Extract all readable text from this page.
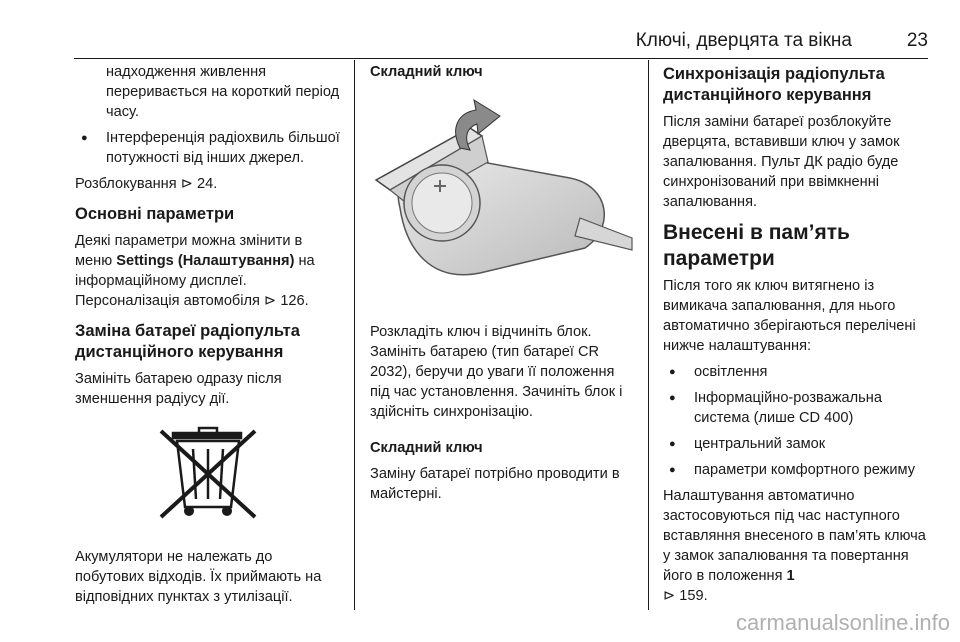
Ключі, дверцята та вікна	23

надходження живлення переривається на короткий період часу.

● Інтерференція радіохвиль більшої потужності від інших джерел.

Розблокування ⊳ 24.

Основні параметри

Деякі параметри можна змінити в меню Settings (Налаштування) на інформаційному дисплеї. Персоналізація автомобіля ⊳ 126.

Заміна батареї радіопульта дистанційного керування

Замініть батарею одразу після зменшення радіусу дії.

Акумулятори не належать до побутових відходів. Їх приймають на відповідних пунктах з утилізації.

Складний ключ

Розкладіть ключ і відчиніть блок. Замініть батарею (тип батареї CR 2032), беручи до уваги її положення під час установлення. Зачиніть блок і здійсніть синхронізацію.

Складний ключ

Заміну батареї потрібно проводити в майстерні.

Синхронізація радіопульта дистанційного керування

Після заміни батареї розблокуйте дверцята, вставивши ключ у замок запалювання. Пульт ДК радіо буде синхронізований при ввімкненні запалювання.

Внесені в пам’ять параметри

Після того як ключ витягнено із вимикача запалювання, для нього автоматично зберігаються перелічені нижче налаштування:

● освітлення
● Інформаційно-розважальна система (лише CD 400)
● центральний замок
● параметри комфортного режиму

Налаштування автоматично застосовуються під час наступного вставляння внесеного в пам’ять ключа у замок запалювання та повертання його в положення 1
⊳ 159.

carmanualsonline.info
